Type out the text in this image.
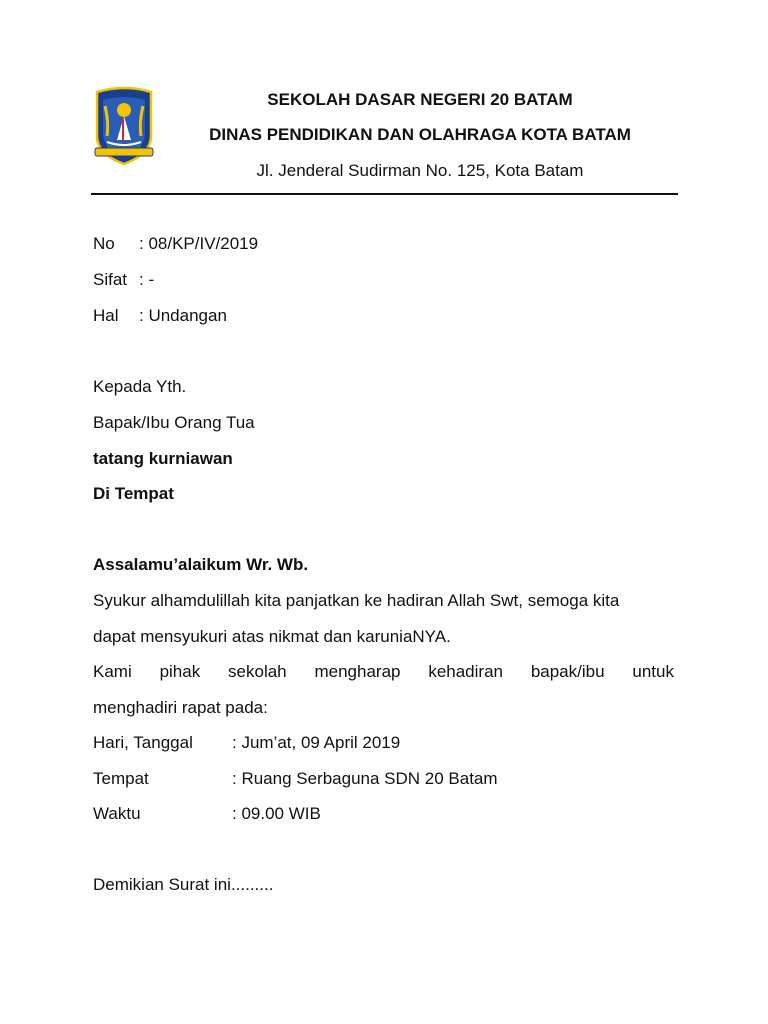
SEKOLAH DASAR NEGERI 20 BATAM
DINAS PENDIDIKAN DAN OLAHRAGA KOTA BATAM
Jl. Jenderal Sudirman No. 125, Kota Batam
No : 08/KP/IV/2019
Sifat : -
Hal : Undangan
Kepada Yth.
Bapak/Ibu Orang Tua
tatang kurniawan
Di Tempat
Assalamu’alaikum Wr. Wb.
Syukur alhamdulillah kita panjatkan ke hadiran Allah Swt, semoga kita
dapat mensyukuri atas nikmat dan karuniaNYA.
Kami pihak sekolah mengharap kehadiran bapak/ibu untuk
menghadiri rapat pada:
Hari, Tanggal : Jum’at, 09 April 2019
Tempat	: Ruang Serbaguna SDN 20 Batam
Waktu	: 09.00 WIB
Demikian Surat ini.........
